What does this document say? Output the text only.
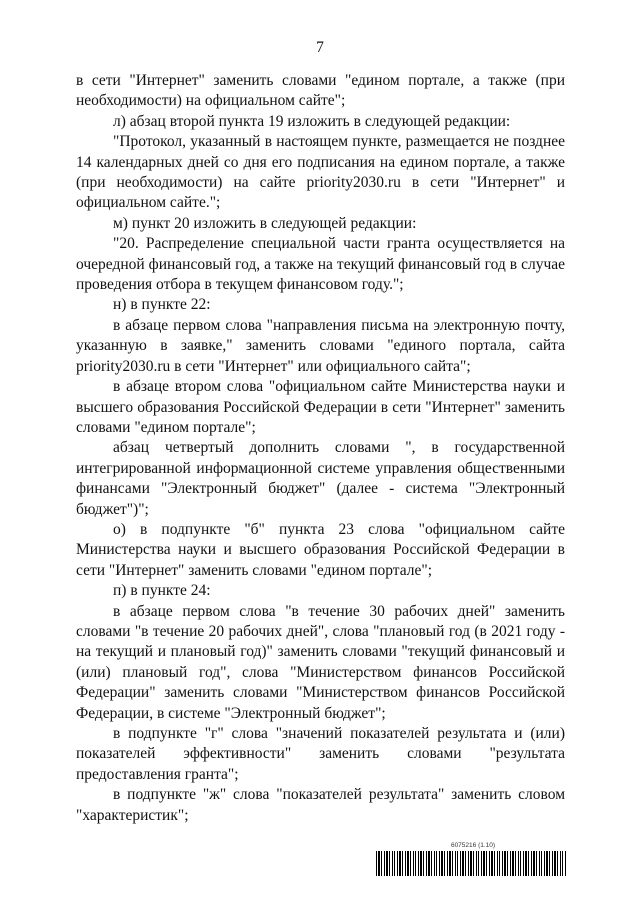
7

в сети "Интернет" заменить словами "едином портале, а также (при необходимости) на официальном сайте";

л) абзац второй пункта 19 изложить в следующей редакции:

"Протокол, указанный в настоящем пункте, размещается не позднее 14 календарных дней со дня его подписания на едином портале, а также (при необходимости) на сайте priority2030.ru в сети "Интернет" и официальном сайте.";

м) пункт 20 изложить в следующей редакции:

"20. Распределение специальной части гранта осуществляется на очередной финансовый год, а также на текущий финансовый год в случае проведения отбора в текущем финансовом году.";

н) в пункте 22:

в абзаце первом слова "направления письма на электронную почту, указанную в заявке," заменить словами "единого портала, сайта priority2030.ru в сети "Интернет" или официального сайта";

в абзаце втором слова "официальном сайте Министерства науки и высшего образования Российской Федерации в сети "Интернет" заменить словами "едином портале";

абзац четвертый дополнить словами ", в государственной интегрированной информационной системе управления общественными финансами "Электронный бюджет" (далее - система "Электронный бюджет")";

о) в подпункте "б" пункта 23 слова "официальном сайте Министерства науки и высшего образования Российской Федерации в сети "Интернет" заменить словами "едином портале";

п) в пункте 24:

в абзаце первом слова "в течение 30 рабочих дней" заменить словами "в течение 20 рабочих дней", слова "плановый год (в 2021 году - на текущий и плановый год)" заменить словами "текущий финансовый и (или) плановый год", слова "Министерством финансов Российской Федерации" заменить словами "Министерством финансов Российской Федерации, в системе "Электронный бюджет";

в подпункте "г" слова "значений показателей результата и (или) показателей эффективности" заменить словами "результата предоставления гранта";

в подпункте "ж" слова "показателей результата" заменить словом "характеристик";

6075216 (1.10)
